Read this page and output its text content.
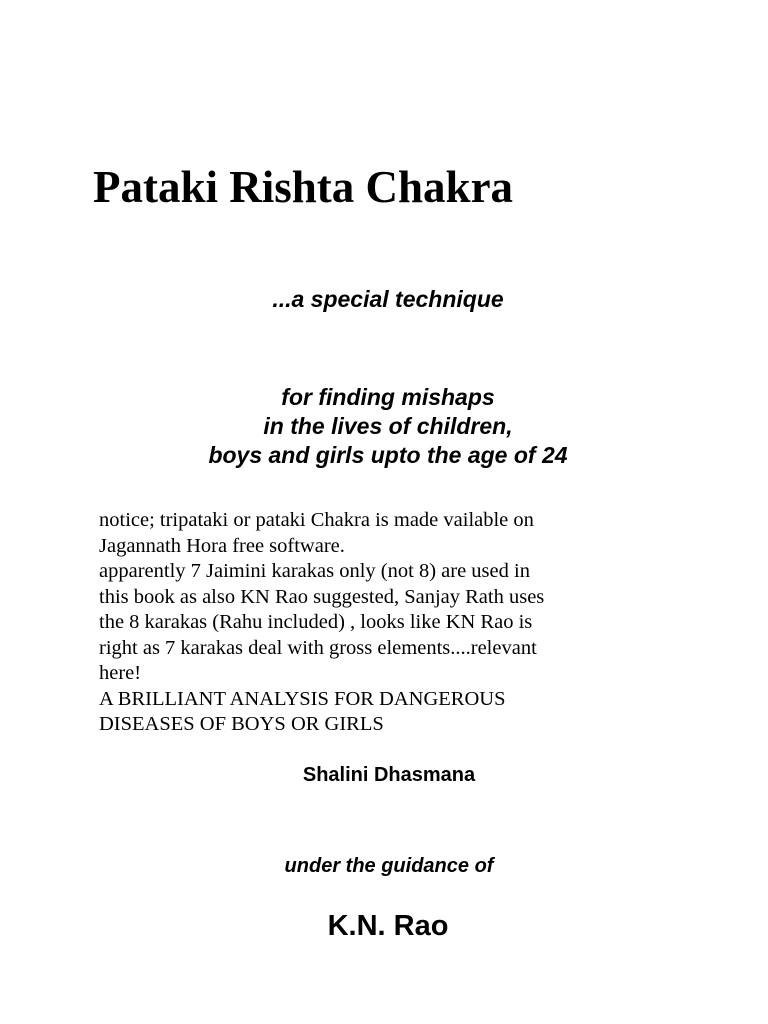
Pataki Rishta Chakra

...a special technique

for finding mishaps
in the lives of children,
boys and girls upto the age of 24
notice; tripataki or pataki Chakra is made vailable on
Jagannath Hora free software.
apparently 7 Jaimini karakas only (not 8) are used in
this book as also KN Rao suggested, Sanjay Rath uses
the 8 karakas (Rahu included) , looks like KN Rao is
right as 7 karakas deal with gross elements....relevant
here!
A BRILLIANT ANALYSIS FOR DANGEROUS
DISEASES OF BOYS OR GIRLS

Shalini Dhasmana

under the guidance of

K.N. Rao
